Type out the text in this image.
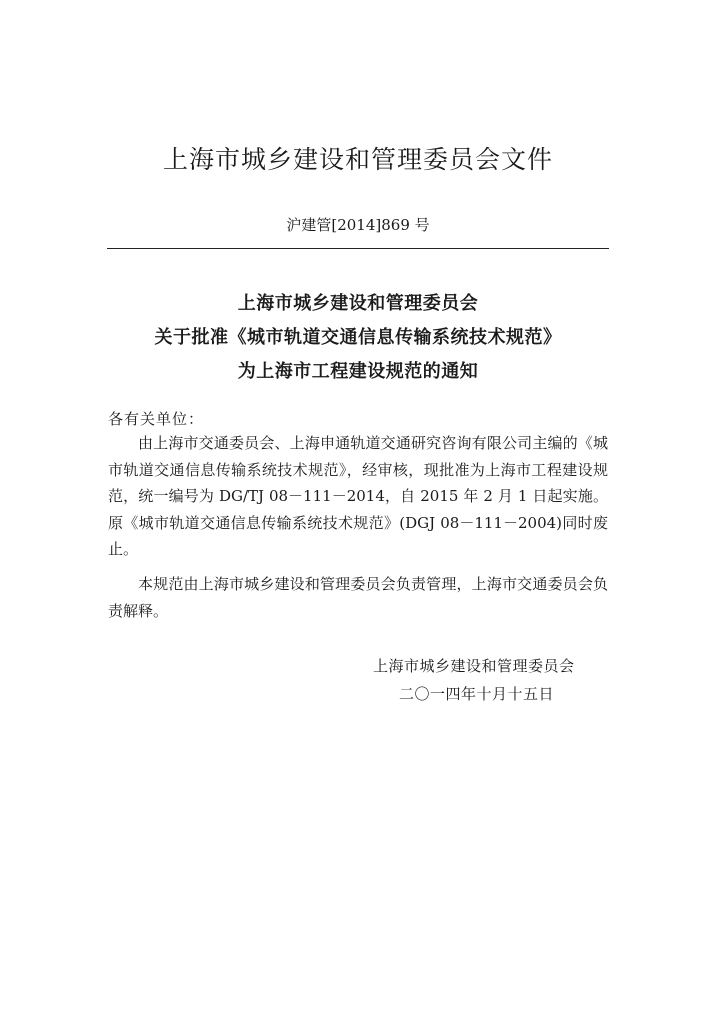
上海市城乡建设和管理委员会文件
沪建管[2014]869 号
上海市城乡建设和管理委员会
关于批准《城市轨道交通信息传输系统技术规范》
为上海市工程建设规范的通知
各有关单位：

由上海市交通委员会、上海申通轨道交通研究咨询有限公司主编的《城市轨道交通信息传输系统技术规范》，经审核，现批准为上海市工程建设规范，统一编号为 DG/TJ 08－111－2014，自 2015 年 2 月 1 日起实施。原《城市轨道交通信息传输系统技术规范》(DGJ 08－111－2004)同时废止。

本规范由上海市城乡建设和管理委员会负责管理，上海市交通委员会负责解释。

上海市城乡建设和管理委员会
二〇一四年十月十五日
